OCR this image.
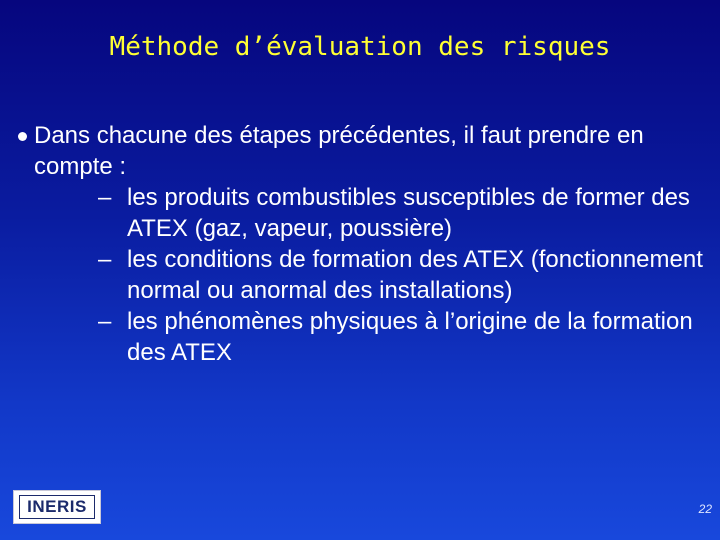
Méthode d’évaluation des risques
Dans chacune des étapes précédentes, il faut prendre en compte :
– les produits combustibles susceptibles de former des ATEX (gaz, vapeur, poussière)
– les conditions de formation des ATEX (fonctionnement normal ou anormal des installations)
– les phénomènes physiques à l’origine de la formation des ATEX
INERIS	22
